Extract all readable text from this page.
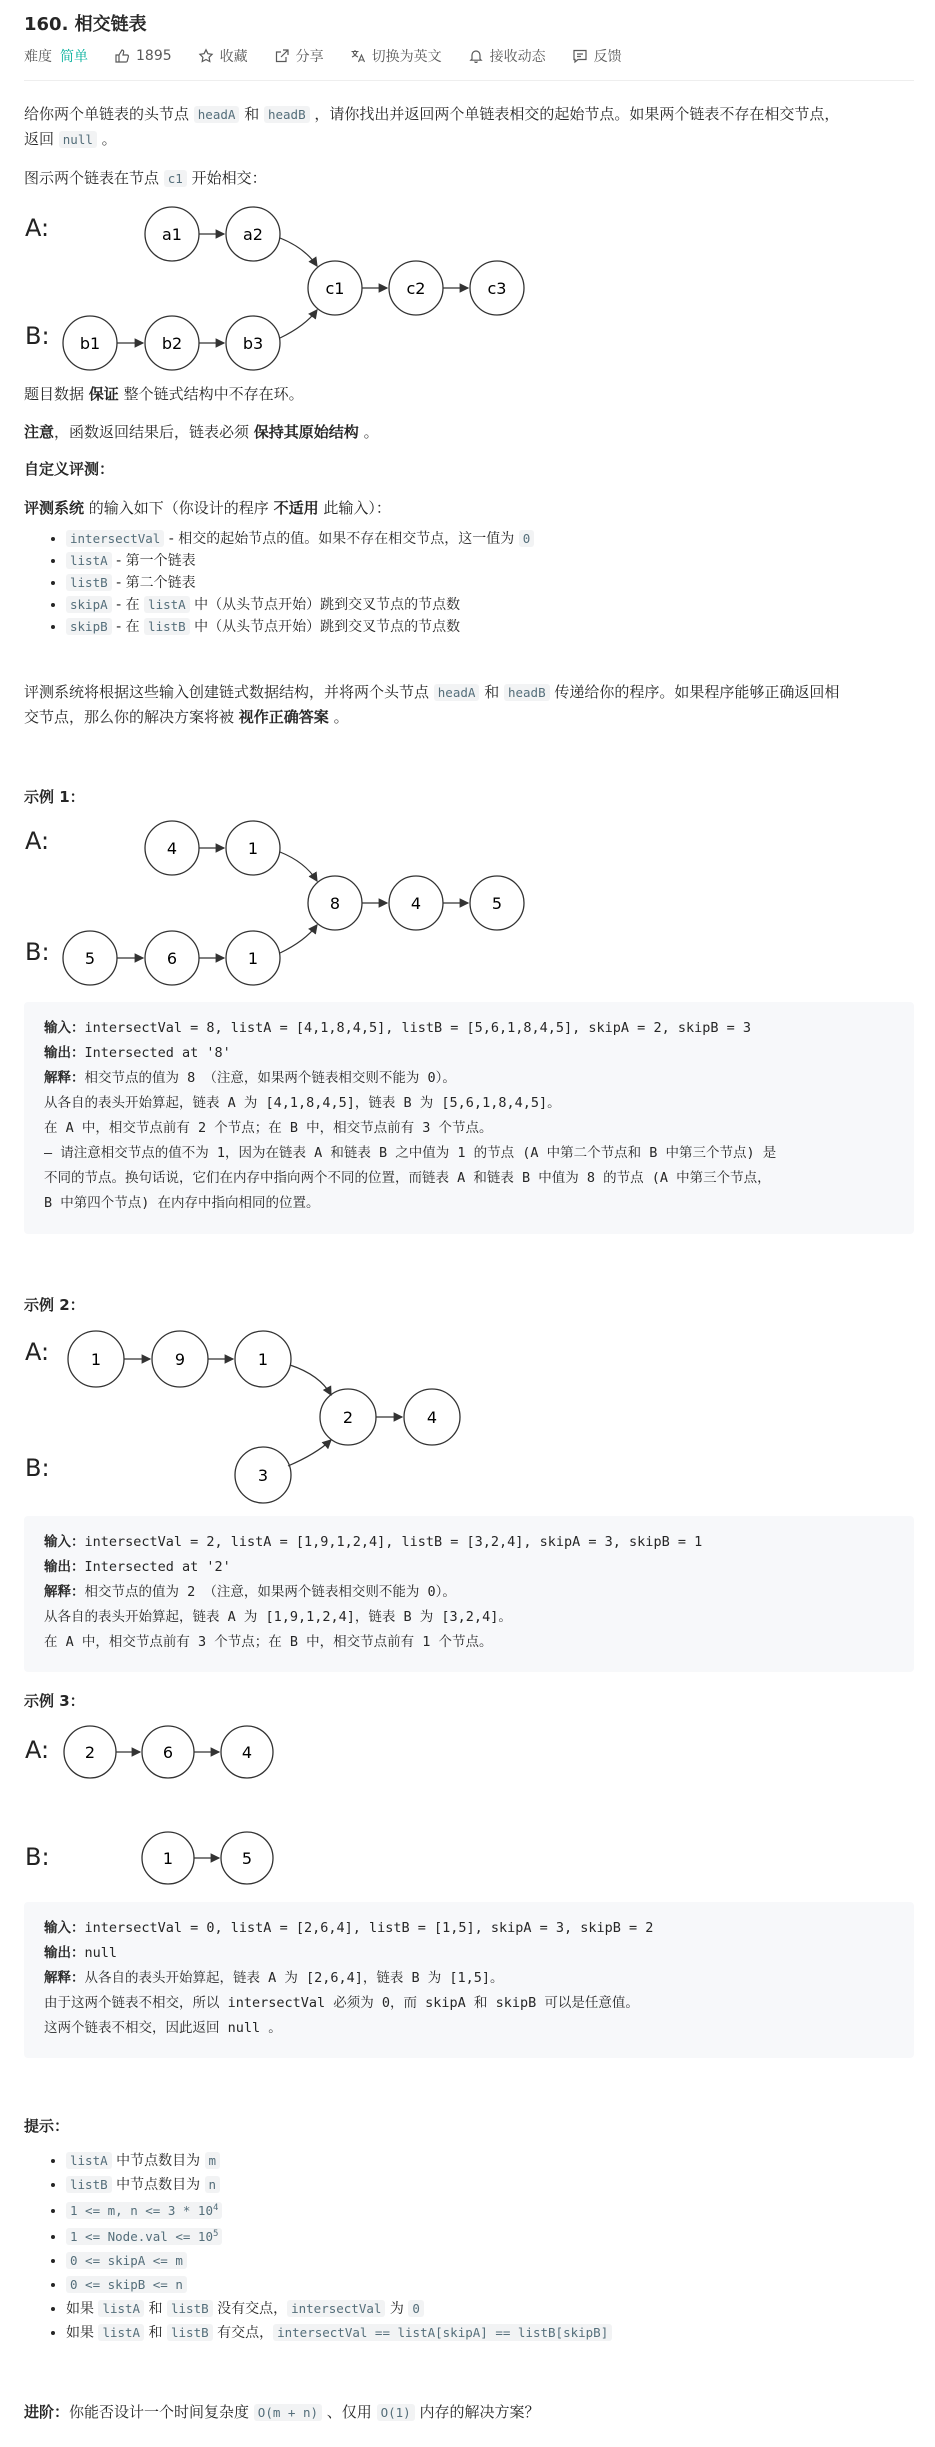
160. 相交链表
难度 简单	1895	收藏	分享	切换为英文	接收动态	反馈
给你两个单链表的头节点 headA 和 headB ，请你找出并返回两个单链表相交的起始节点。如果两个链表不存在相交节点，
返回 null 。
图示两个链表在节点 c1 开始相交：
A:
B:
a1	a2
b1	b2	b3
c1	c2	c3
题目数据 保证 整个链式结构中不存在环。
注意，函数返回结果后，链表必须 保持其原始结构 。
自定义评测：
评测系统 的输入如下（你设计的程序 不适用 此输入）：
• intersectVal - 相交的起始节点的值。如果不存在相交节点，这一值为 0
• listA - 第一个链表
• listB - 第二个链表
• skipA - 在 listA 中（从头节点开始）跳到交叉节点的节点数
• skipB - 在 listB 中（从头节点开始）跳到交叉节点的节点数
评测系统将根据这些输入创建链式数据结构，并将两个头节点 headA 和 headB 传递给你的程序。如果程序能够正确返回相
交节点，那么你的解决方案将被 视作正确答案 。
示例 1：
A:
B:
4	1
5	6	1
8	4	5
输入：intersectVal = 8, listA = [4,1,8,4,5], listB = [5,6,1,8,4,5], skipA = 2, skipB = 3
输出：Intersected at '8'
解释：相交节点的值为 8 （注意，如果两个链表相交则不能为 0）。
从各自的表头开始算起，链表 A 为 [4,1,8,4,5]，链表 B 为 [5,6,1,8,4,5]。
在 A 中，相交节点前有 2 个节点；在 B 中，相交节点前有 3 个节点。
— 请注意相交节点的值不为 1，因为在链表 A 和链表 B 之中值为 1 的节点 (A 中第二个节点和 B 中第三个节点) 是
不同的节点。换句话说，它们在内存中指向两个不同的位置，而链表 A 和链表 B 中值为 8 的节点 (A 中第三个节点，
B 中第四个节点) 在内存中指向相同的位置。
示例 2：
A:
B:
1	9	1
3
2	4
输入：intersectVal = 2, listA = [1,9,1,2,4], listB = [3,2,4], skipA = 3, skipB = 1
输出：Intersected at '2'
解释：相交节点的值为 2 （注意，如果两个链表相交则不能为 0）。
从各自的表头开始算起，链表 A 为 [1,9,1,2,4]，链表 B 为 [3,2,4]。
在 A 中，相交节点前有 3 个节点；在 B 中，相交节点前有 1 个节点。
示例 3：
A:
B:
2	6	4
1	5
输入：intersectVal = 0, listA = [2,6,4], listB = [1,5], skipA = 3, skipB = 2
输出：null
解释：从各自的表头开始算起，链表 A 为 [2,6,4]，链表 B 为 [1,5]。
由于这两个链表不相交，所以 intersectVal 必须为 0，而 skipA 和 skipB 可以是任意值。
这两个链表不相交，因此返回 null 。
提示：
• listA 中节点数目为 m
• listB 中节点数目为 n
• 1 <= m, $n <= 3 * 10^4$
• 1 <= Node.val <= $10^5$
• 0 <= skipA <= m
• 0 <= skipB <= n
• 如果 listA 和 listB 没有交点， intersectVal 为 0
• 如果 listA 和 listB 有交点， intersectVal == listA[skipA] == listB[skipB]
进阶：你能否设计一个时间复杂度 O(m + n) 、仅用 O(1) 内存的解决方案？
